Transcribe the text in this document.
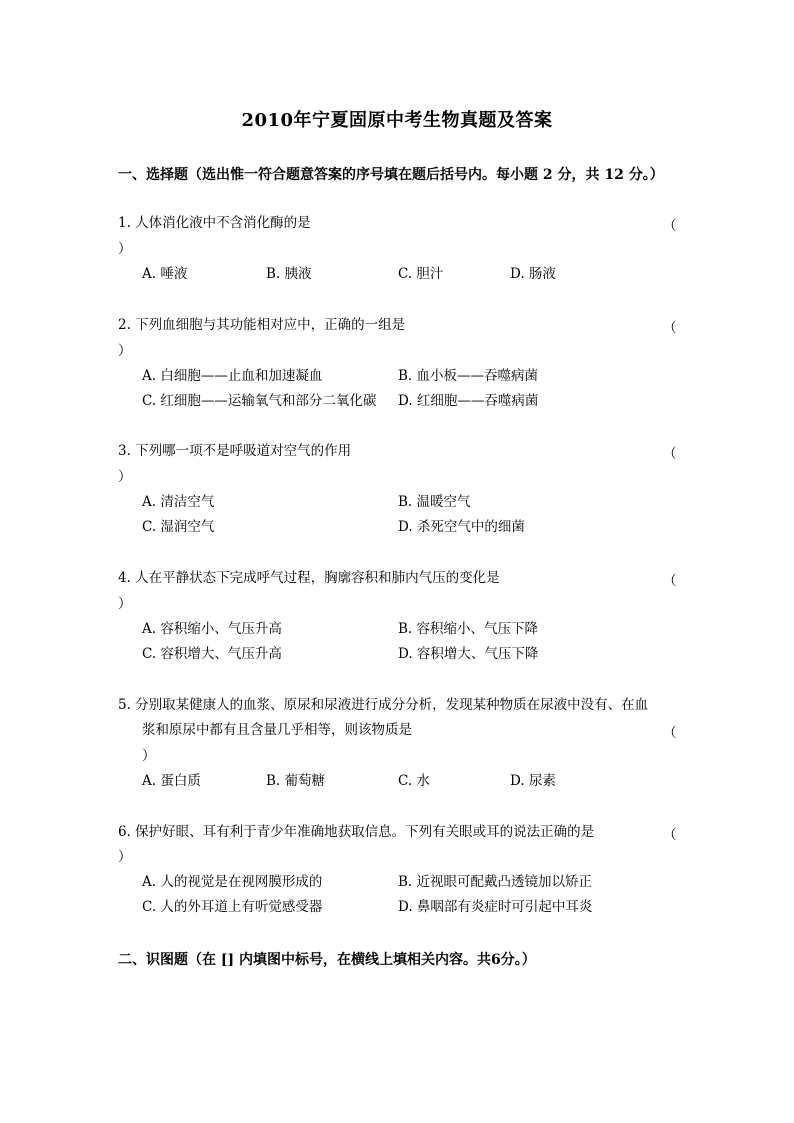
2010年宁夏固原中考生物真题及答案
一、选择题（选出惟一符合题意答案的序号填在题后括号内。每小题 2 分，共 12 分。）
1. 人体消化液中不含消化酶的是	（
）
A. 唾液	B. 胰液	C. 胆汁	D. 肠液
2. 下列血细胞与其功能相对应中，正确的一组是	（
）
A. 白细胞——止血和加速凝血	B. 血小板——吞噬病菌
C. 红细胞——运输氧气和部分二氧化碳 D. 红细胞——吞噬病菌
3. 下列哪一项不是呼吸道对空气的作用	（
）
A. 清洁空气	B. 温暖空气
C. 湿润空气	D. 杀死空气中的细菌
4. 人在平静状态下完成呼气过程，胸廓容积和肺内气压的变化是	（
）
A. 容积缩小、气压升高	B. 容积缩小、气压下降
C. 容积增大、气压升高	D. 容积增大、气压下降
5. 分别取某健康人的血浆、原尿和尿液进行成分分析，发现某种物质在尿液中没有、在血
浆和原尿中都有且含量几乎相等，则该物质是	（
）
A. 蛋白质	B. 葡萄糖	C. 水	D. 尿素
6. 保护好眼、耳有利于青少年准确地获取信息。下列有关眼或耳的说法正确的是	（
）
A. 人的视觉是在视网膜形成的	B. 近视眼可配戴凸透镜加以矫正
C. 人的外耳道上有听觉感受器	D. 鼻咽部有炎症时可引起中耳炎
二、识图题（在 [] 内填图中标号，在横线上填相关内容。共6分。）
